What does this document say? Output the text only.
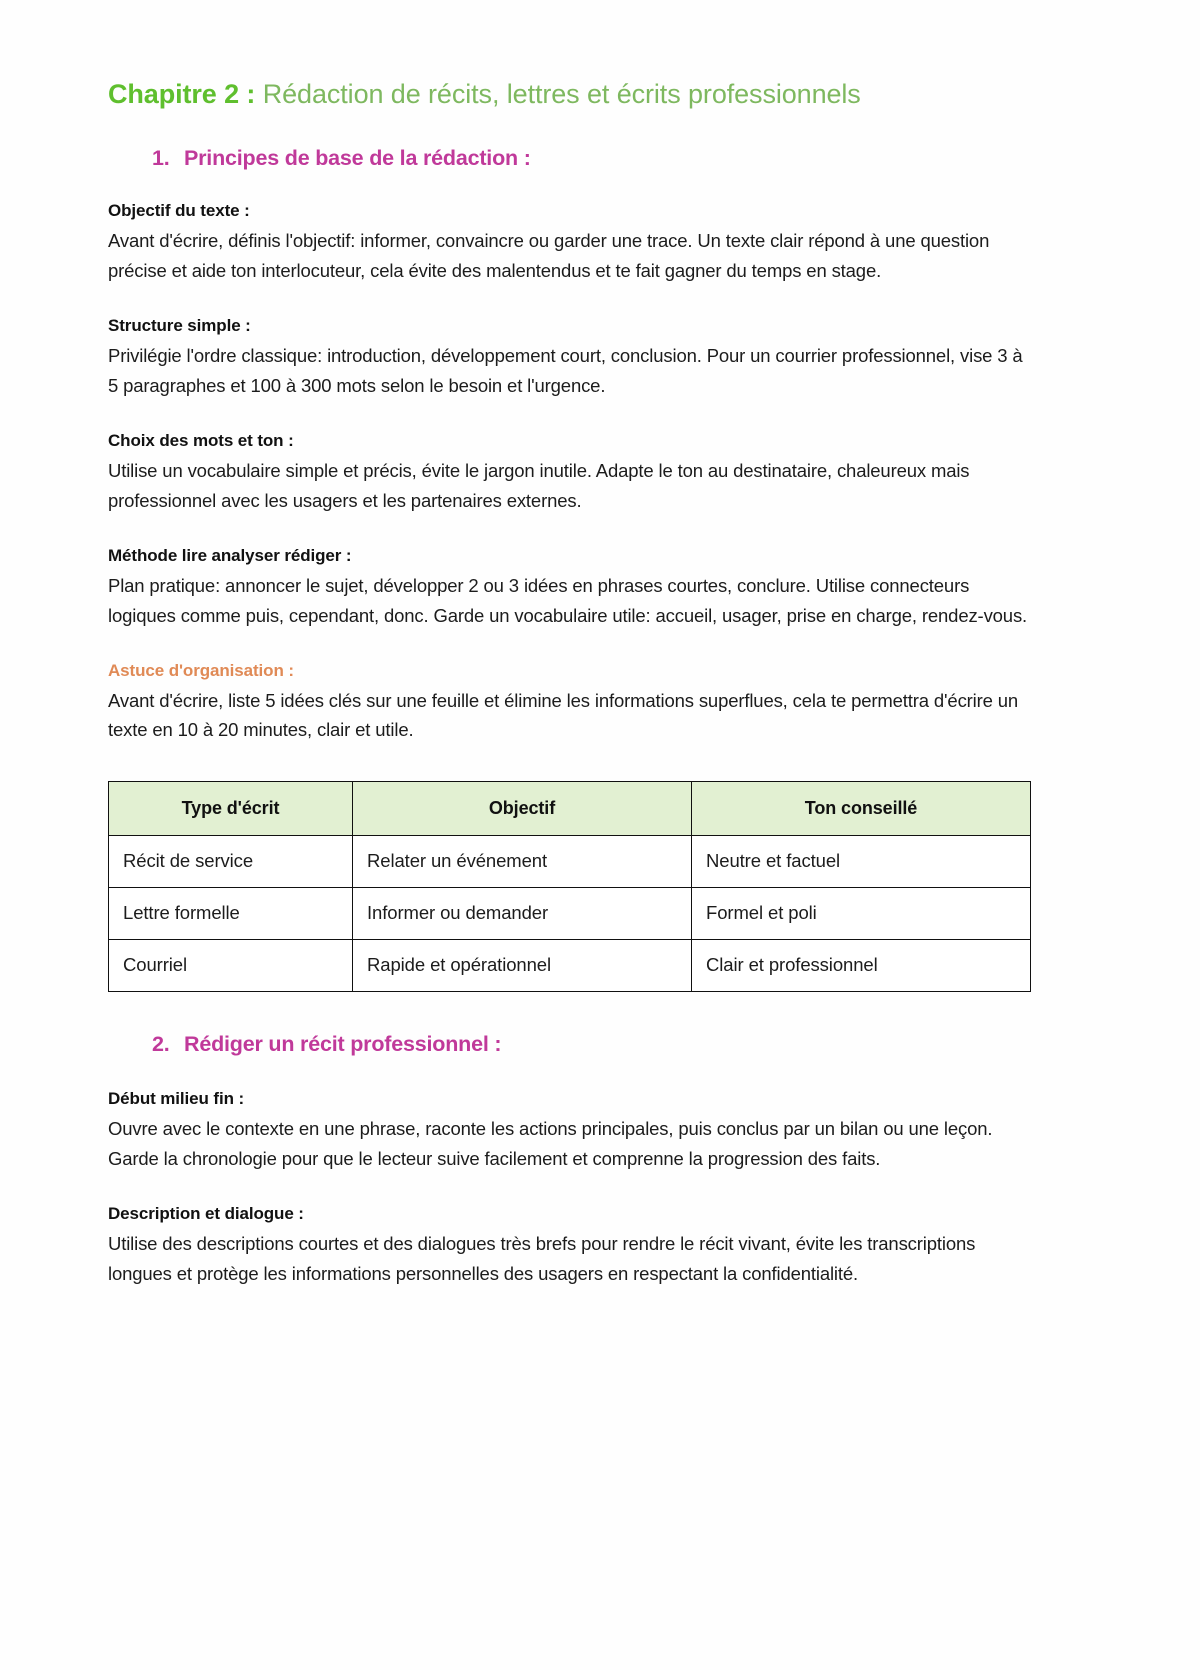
Chapitre 2 : Rédaction de récits, lettres et écrits professionnels
1. Principes de base de la rédaction :
Objectif du texte :

Avant d'écrire, définis l'objectif: informer, convaincre ou garder une trace. Un texte clair répond à une question précise et aide ton interlocuteur, cela évite des malentendus et te fait gagner du temps en stage.

Structure simple :

Privilégie l'ordre classique: introduction, développement court, conclusion. Pour un courrier professionnel, vise 3 à 5 paragraphes et 100 à 300 mots selon le besoin et l'urgence.

Choix des mots et ton :

Utilise un vocabulaire simple et précis, évite le jargon inutile. Adapte le ton au destinataire, chaleureux mais professionnel avec les usagers et les partenaires externes.

Méthode lire analyser rédiger :

Plan pratique: annoncer le sujet, développer 2 ou 3 idées en phrases courtes, conclure. Utilise connecteurs logiques comme puis, cependant, donc. Garde un vocabulaire utile: accueil, usager, prise en charge, rendez-vous.

Astuce d'organisation :

Avant d'écrire, liste 5 idées clés sur une feuille et élimine les informations superflues, cela te permettra d'écrire un texte en 10 à 20 minutes, clair et utile.

Type d'écrit	Objectif	Ton conseillé
Récit de service	Relater un événement	Neutre et factuel
Lettre formelle	Informer ou demander	Formel et poli
Courriel	Rapide et opérationnel	Clair et professionnel
2. Rédiger un récit professionnel :
Début milieu fin :

Ouvre avec le contexte en une phrase, raconte les actions principales, puis conclus par un bilan ou une leçon. Garde la chronologie pour que le lecteur suive facilement et comprenne la progression des faits.

Description et dialogue :

Utilise des descriptions courtes et des dialogues très brefs pour rendre le récit vivant, évite les transcriptions longues et protège les informations personnelles des usagers en respectant la confidentialité.
